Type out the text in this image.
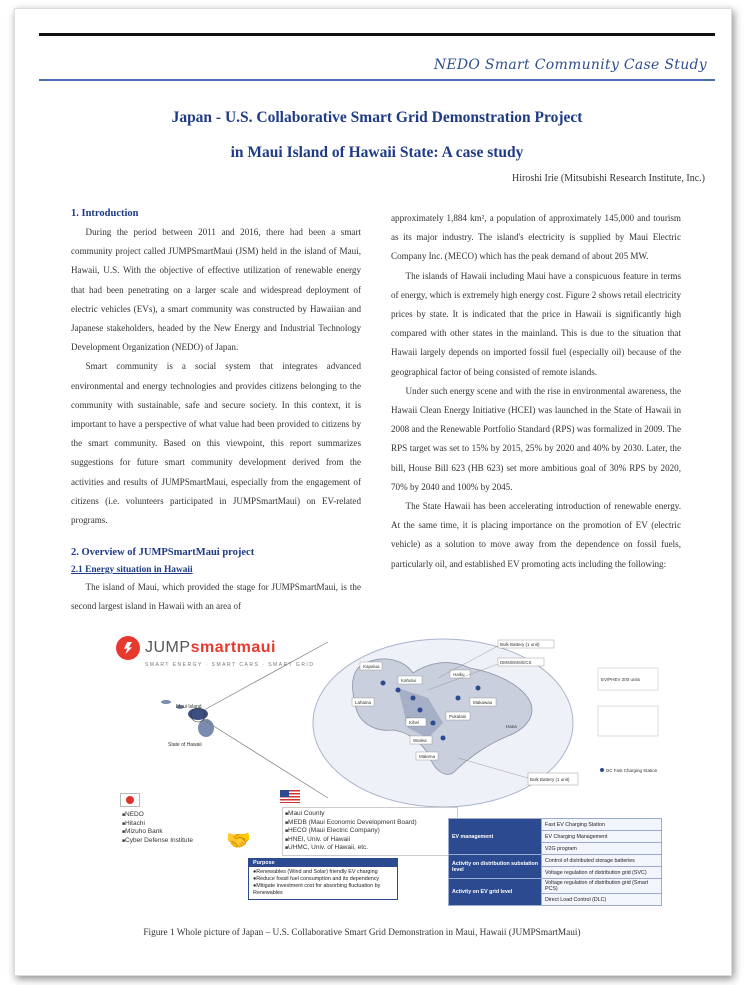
NEDO Smart Community Case Study
Japan - U.S. Collaborative Smart Grid Demonstration Project
in Maui Island of Hawaii State: A case study
Hiroshi Irie (Mitsubishi Research Institute, Inc.)

1. Introduction

During the period between 2011 and 2016, there had been a smart community project called JUMPSmartMaui (JSM) held in the island of Maui, Hawaii, U.S. With the objective of effective utilization of renewable energy that had been penetrating on a larger scale and widespread deployment of electric vehicles (EVs), a smart community was constructed by Hawaiian and Japanese stakeholders, headed by the New Energy and Industrial Technology Development Organization (NEDO) of Japan.

Smart community is a social system that integrates advanced environmental and energy technologies and provides citizens belonging to the community with sustainable, safe and secure society. In this context, it is important to have a perspective of what value had been provided to citizens by the smart community. Based on this viewpoint, this report summarizes suggestions for future smart community development derived from the activities and results of JUMPSmartMaui, especially from the engagement of citizens (i.e. volunteers participated in JUMPSmartMaui) on EV-related programs.

2. Overview of JUMPSmartMaui project

2.1 Energy situation in Hawaii

The island of Maui, which provided the stage for JUMPSmartMaui, is the second largest island in Hawaii with an area of

approximately 1,884 km², a population of approximately 145,000 and tourism as its major industry. The island's electricity is supplied by Maui Electric Company Inc. (MECO) which has the peak demand of about 205 MW.

The islands of Hawaii including Maui have a conspicuous feature in terms of energy, which is extremely high energy cost. Figure 2 shows retail electricity prices by state. It is indicated that the price in Hawaii is significantly high compared with other states in the mainland. This is due to the situation that Hawaii largely depends on imported fossil fuel (especially oil) because of the geographical factor of being consisted of remote islands.

Under such energy scene and with the rise in environmental awareness, the Hawaii Clean Energy Initiative (HCEI) was launched in the State of Hawaii in 2008 and the Renewable Portfolio Standard (RPS) was formalized in 2009. The RPS target was set to 15% by 2015, 25% by 2020 and 40% by 2030. Later, the bill, House Bill 623 (HB 623) set more ambitious goal of 30% RPS by 2020, 70% by 2040 and 100% by 2045.

The State Hawaii has been accelerating introduction of renewable energy. At the same time, it is placing importance on the promotion of EV (electric vehicle) as a solution to move away from the dependence on fossil fuels, particularly oil, and established EV promoting acts including the following:

Maui Island
State of Hawaii
Kapalua
Lahaina
Kahului
Kihei
Wailea
Makena
Haiku
Makawao
Hana
Pukalani
Bulk Battery (1 unit)
DMS/EMS/ECS
Bulk Battery (1 unit)
EV/PHEV 200 units
DC Fast Charging Station
JUMPsmartmaui
SMART ENERGY · SMART CARS · SMART GRID
■ NEDO
■ Hitachi
■ Mizuho Bank
■ Cyber Defense Institute	🤝
■ Maui County
■ MEDB (Maui Economic Development Board)
■ HECO (Maui Electric Company)
■ HNEI, Univ. of Hawaii
■ UHMC, Univ. of Hawaii, etc.
Purpose
● Renewables (Wind and Solar) friendly EV charging
● Reduce fossil fuel consumption and its dependency
● Mitigate investment cost for absorbing fluctuation by Renewables
EV management	Fast EV Charging Station
	EV Charging Management
	V2G program
Activity on distribution substation level	Control of distributed storage batteries
	Voltage regulation of distribution grid (SVC)
Activity on EV grid level	Voltage regulation of distribution grid (Smart PCS)
	Direct Load Control (DLC)
Figure 1 Whole picture of Japan – U.S. Collaborative Smart Grid Demonstration in Maui, Hawaii (JUMPSmartMaui)
